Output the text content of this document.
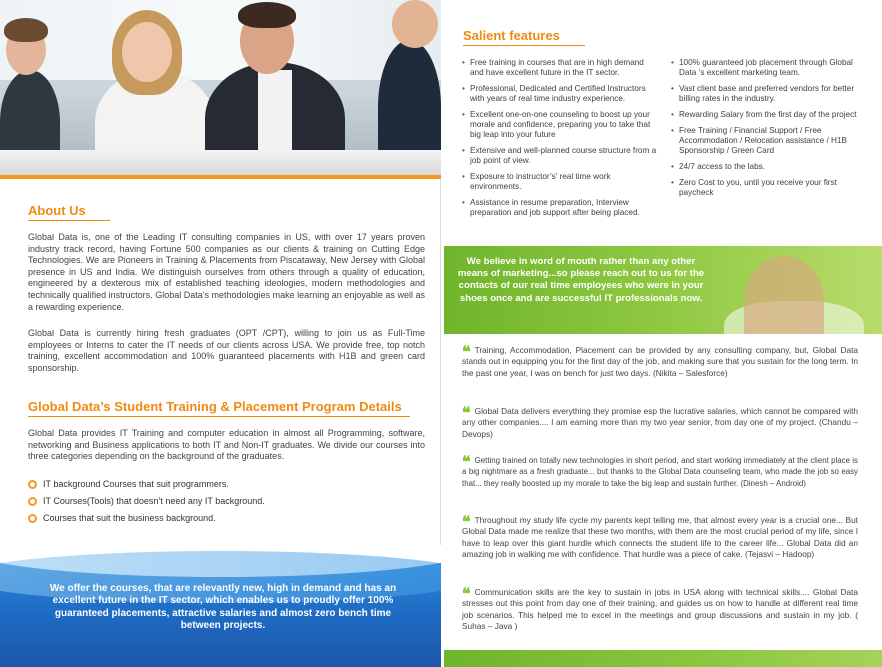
About Us

Global Data is, one of the Leading IT consulting companies in US, with over 17 years proven industry track record, having Fortune 500 companies as our clients & training on Cutting Edge Technologies. We are Pioneers in Training & Placements from Piscataway, New Jersey with Global presence in US and India. We distinguish ourselves from others through a quality of education, engineered by a dexterous mix of established teaching ideologies, modern methodologies and technically qualified instructors. Global Data's methodologies make learning an enjoyable as well as a rewarding experience.

Global Data is currently hiring fresh graduates (OPT /CPT), willing to join us as Full-Time employees or Interns to cater the IT needs of our clients across USA. We provide free, top notch training, excellent accommodation and 100% guaranteed placements with H1B and green card sponsorship.

Global Data’s Student Training & Placement Program Details

Global Data provides IT Training and computer education in almost all Programming, software, networking and Business applications to both IT and Non-IT graduates. We divide our courses into three categories depending on the background of the graduates.

IT background Courses that suit programmers.
IT Courses(Tools) that doesn’t need any IT background.
Courses that suit the business background.

We offer the courses, that are relevantly new, high in demand and has an excellent future in the IT sector, which enables us to proudly offer 100% guaranteed placements, attractive salaries and almost zero bench time between projects.

Salient features
• Free training in courses that are in high demand and have excellent future in the IT sector.
• Professional, Dedicated and Certified Instructors with years of real time industry experience.
• Excellent one-on-one counseling to boost up your morale and confidence, preparing you to take that big leap into your future
• Extensive and well-planned course structure from a job point of view.
• Exposure to instructor’s’ real time work environments.
• Assistance in resume preparation, Interview preparation and job support after being placed.
• 100% guaranteed job placement through Global Data ‘s excellent marketing team.
• Vast client base and preferred vendors for better billing rates in the industry.
• Rewarding Salary from the first day of the project
• Free Training / Financial Support / Free Accommodation / Relocation assistance / H1B Sponsorship / Green Card
• 24/7 access to the labs.
• Zero Cost to you, until you receive your first paycheck

We believe in word of mouth rather than any other means of marketing...so please reach out to us for the contacts of our real time employees who were in your shoes once and are successful IT professionals now.

❝ Training, Accommodation, Placement can be provided by any consulting company, but, Global Data stands out in equipping you for the first day of the job, and making sure that you sustain for the long term. In the past one year, I was on bench for just two days. (Nikita – Salesforce)

❝ Global Data delivers everything they promise esp the lucrative salaries, which cannot be compared with any other companies.... I am earning more than my two year senior, from day one of my project. (Chandu – Devops)

❝ Getting trained on totally new technologies in short period, and start working immediately at the client place is a big nightmare as a fresh graduate... but thanks to the Global Data counseling team, who made the job so easy that... they really boosted up my morale to take the big leap and sustain further. (Dinesh – Android)

❝ Throughout my study life cycle my parents kept telling me, that almost every year is a crucial one... But Global Data made me realize that these two months, with them are the most crucial period of my life, since I have to leap over this giant hurdle which connects the student life to the career life... Global Data did an amazing job in walking me with confidence. That hurdle was a piece of cake. (Tejasvi – Hadoop)

❝ Communication skills are the key to sustain in jobs in USA along with technical skills.... Global Data stresses out this point from day one of their training, and guides us on how to handle at different real time job scenarios. This helped me to excel in the meetings and group discussions and sustain in my job. ( Suhas – Java )
